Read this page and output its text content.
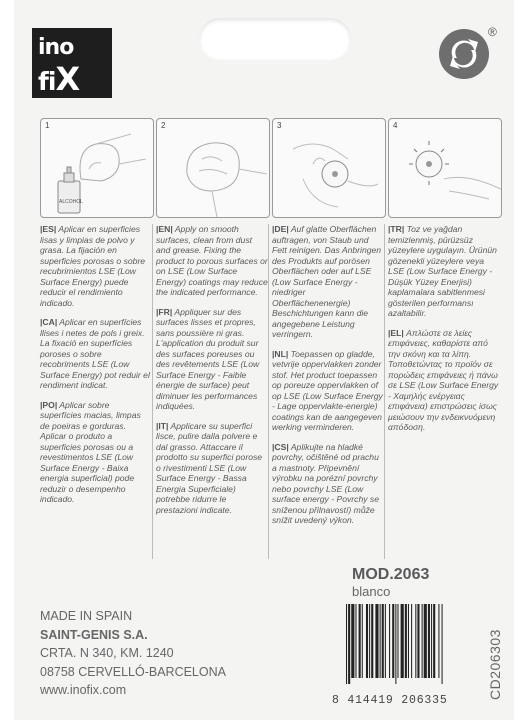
ino
fiX
®
1
ALCOHOL
2	3	4
|ES| Aplicar en superficies lisas y limpias de polvo y grasa. La fijación en superficies porosas o sobre recubrimientos LSE (Low Surface Energy) puede reducir el rendimiento indicado.
|CA| Aplicar en superfícies llises i netes de pols i greix. La fixació en superfícies poroses o sobre recobriments LSE (Low Surface Energy) pot reduir el rendiment indicat.
|PO| Aplicar sobre superfícies macias, limpas de poeiras e gorduras. Aplicar o produto a superficies porosas ou a revestimentos LSE (Low Surface Energy - Baixa energia superficial) pode reduzir o desempenho indicado.
|EN| Apply on smooth surfaces, clean from dust and grease. Fixing the product to porous surfaces or on LSE (Low Surface Energy) coatings may reduce the indicated performance.
|FR| Appliquer sur des surfaces lisses et propres, sans poussière ni gras. L'application du produit sur des surfaces poreuses ou des revêtements LSE (Low Surface Energy - Faible énergie de surface) peut diminuer les performances indiquées.
|IT| Applicare su superfici lisce, pulire dalla polvere e dal grasso. Attaccare il prodotto su superfici porose o rivestimenti LSE (Low Surface Energy - Bassa Energia Superficiale) potrebbe ridurre le prestazioni indicate.
|DE| Auf glatte Oberflächen auftragen, von Staub und Fett reinigen. Das Anbringen des Produkts auf porösen Oberflächen oder auf LSE (Low Surface Energy - niedriger Oberflächenenergie) Beschichtungen kann die angegebene Leistung verringern.
|NL| Toepassen op gladde, vetvrije oppervlakken zonder stof. Het product toepassen op poreuze oppervlakken of op LSE (Low Surface Energy - Lage oppervlakte-energie) coatings kan de aangegeven werking verminderen.
|CS| Aplikujte na hladké povrchy, očištěné od prachu a mastnoty. Připevnění výrobku na porézní povrchy nebo povrchy LSE (Low surface energy - Povrchy se sníženou přilnavostí) může snížit uvedený výkon.
|TR| Toz ve yağdan temizlenmiş, pürüzsüz yüzeylere uygulayın. Ürünün gözenekli yüzeylere veya LSE (Low Surface Energy - Düşük Yüzey Enerjisi) kaplamalara sabitlenmesi gösterilen performansı azaltabilir.
|EL| Απλώστε σε λείες επιφάνειες, καθαρίστε από την σκόνη και τα λίπη. Τοποθετώντας το προϊόν σε πορώδεις επιφάνειες ή πάνω σε LSE (Low Surface Energy - Χαμηλής ενέργειας επιφάνεια) επιστρώσεις ίσως μειώσουν την ενδεικνυόμενη απόδοση.
MOD.2063
blanco
MADE IN SPAIN
SAINT-GENIS S.A.
CRTA. N 340, KM. 1240
08758 CERVELLÓ-BARCELONA
www.inofix.com
8 414419 206335
CD206303
